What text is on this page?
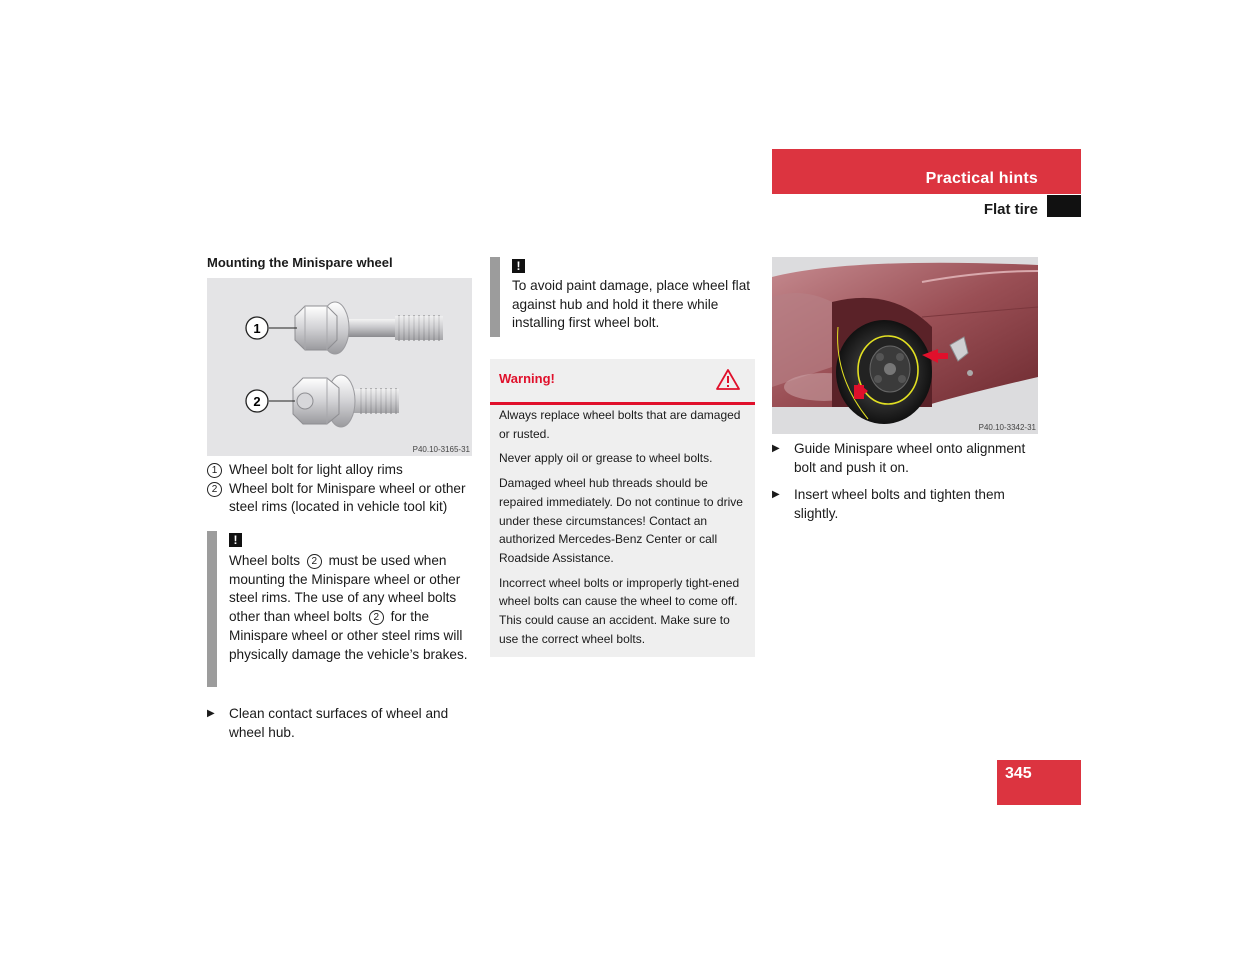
Practical hints
Flat tire
Mounting the Minispare wheel
1
2
P40.10-3165-31
1 Wheel bolt for light alloy rims
2 Wheel bolt for Minispare wheel or other steel rims (located in vehicle tool kit)
!
Wheel bolts 2 must be used when mounting the Minispare wheel or other steel rims. The use of any wheel bolts other than wheel bolts 2 for the Minispare wheel or other steel rims will physically damage the vehicle’s brakes.
▶	Clean contact surfaces of wheel and wheel hub.
!
To avoid paint damage, place wheel flat against hub and hold it there while installing first wheel bolt.
Warning!

Always replace wheel bolts that are damaged or rusted.

Never apply oil or grease to wheel bolts.

Damaged wheel hub threads should be repaired immediately. Do not continue to drive under these circumstances! Contact an authorized Mercedes-Benz Center or call Roadside Assistance.

Incorrect wheel bolts or improperly tight-ened wheel bolts can cause the wheel to come off. This could cause an accident. Make sure to use the correct wheel bolts.

P40.10-3342-31
▶	Guide Minispare wheel onto alignment bolt and push it on.
▶	Insert wheel bolts and tighten them slightly.
345
